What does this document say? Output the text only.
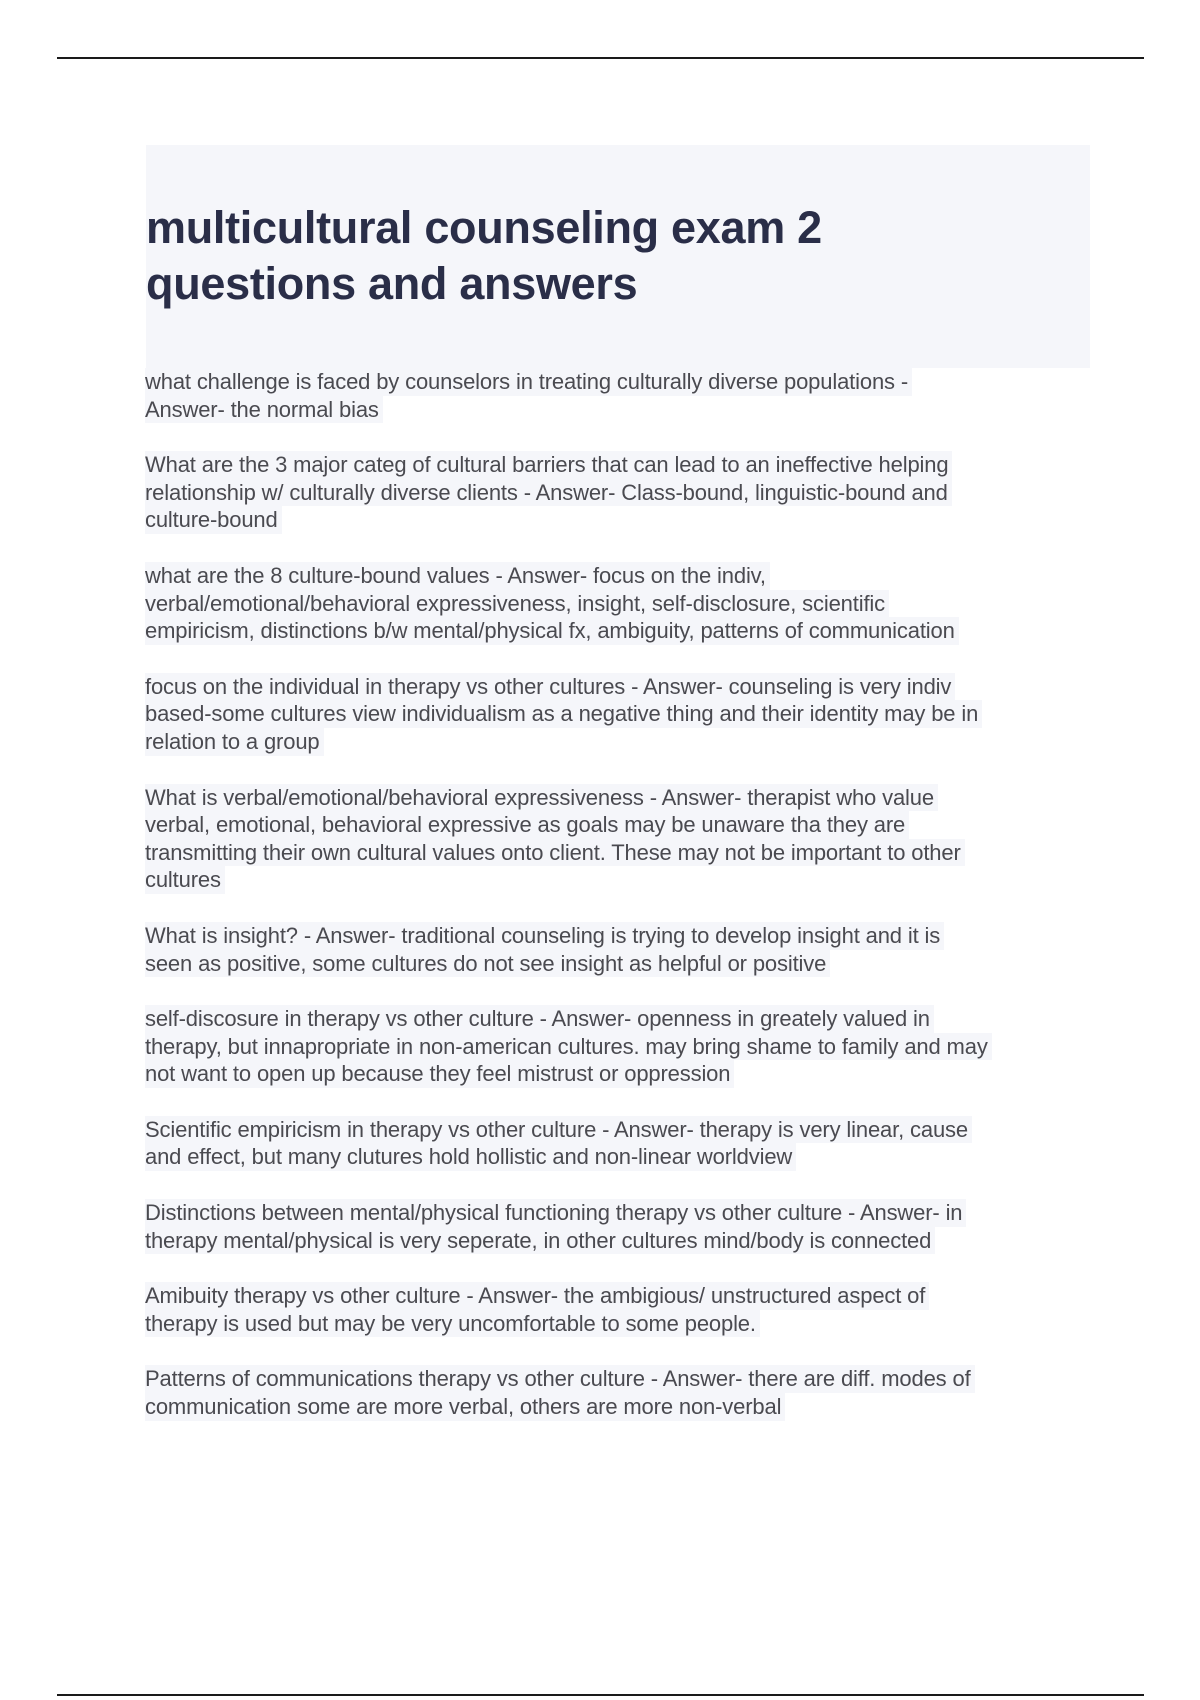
multicultural counseling exam 2
questions and answers
what challenge is faced by counselors in treating culturally diverse populations -
Answer- the normal bias
What are the 3 major categ of cultural barriers that can lead to an ineffective helping
relationship w/ culturally diverse clients - Answer- Class-bound, linguistic-bound and
culture-bound
what are the 8 culture-bound values - Answer- focus on the indiv,
verbal/emotional/behavioral expressiveness, insight, self-disclosure, scientific
empiricism, distinctions b/w mental/physical fx, ambiguity, patterns of communication
focus on the individual in therapy vs other cultures - Answer- counseling is very indiv
based-some cultures view individualism as a negative thing and their identity may be in
relation to a group
What is verbal/emotional/behavioral expressiveness - Answer- therapist who value
verbal, emotional, behavioral expressive as goals may be unaware tha they are
transmitting their own cultural values onto client. These may not be important to other
cultures
What is insight? - Answer- traditional counseling is trying to develop insight and it is
seen as positive, some cultures do not see insight as helpful or positive
self-discosure in therapy vs other culture - Answer- openness in greately valued in
therapy, but innapropriate in non-american cultures. may bring shame to family and may
not want to open up because they feel mistrust or oppression
Scientific empiricism in therapy vs other culture - Answer- therapy is very linear, cause
and effect, but many clutures hold hollistic and non-linear worldview
Distinctions between mental/physical functioning therapy vs other culture - Answer- in
therapy mental/physical is very seperate, in other cultures mind/body is connected
Amibuity therapy vs other culture - Answer- the ambigious/ unstructured aspect of
therapy is used but may be very uncomfortable to some people.
Patterns of communications therapy vs other culture - Answer- there are diff. modes of
communication some are more verbal, others are more non-verbal
